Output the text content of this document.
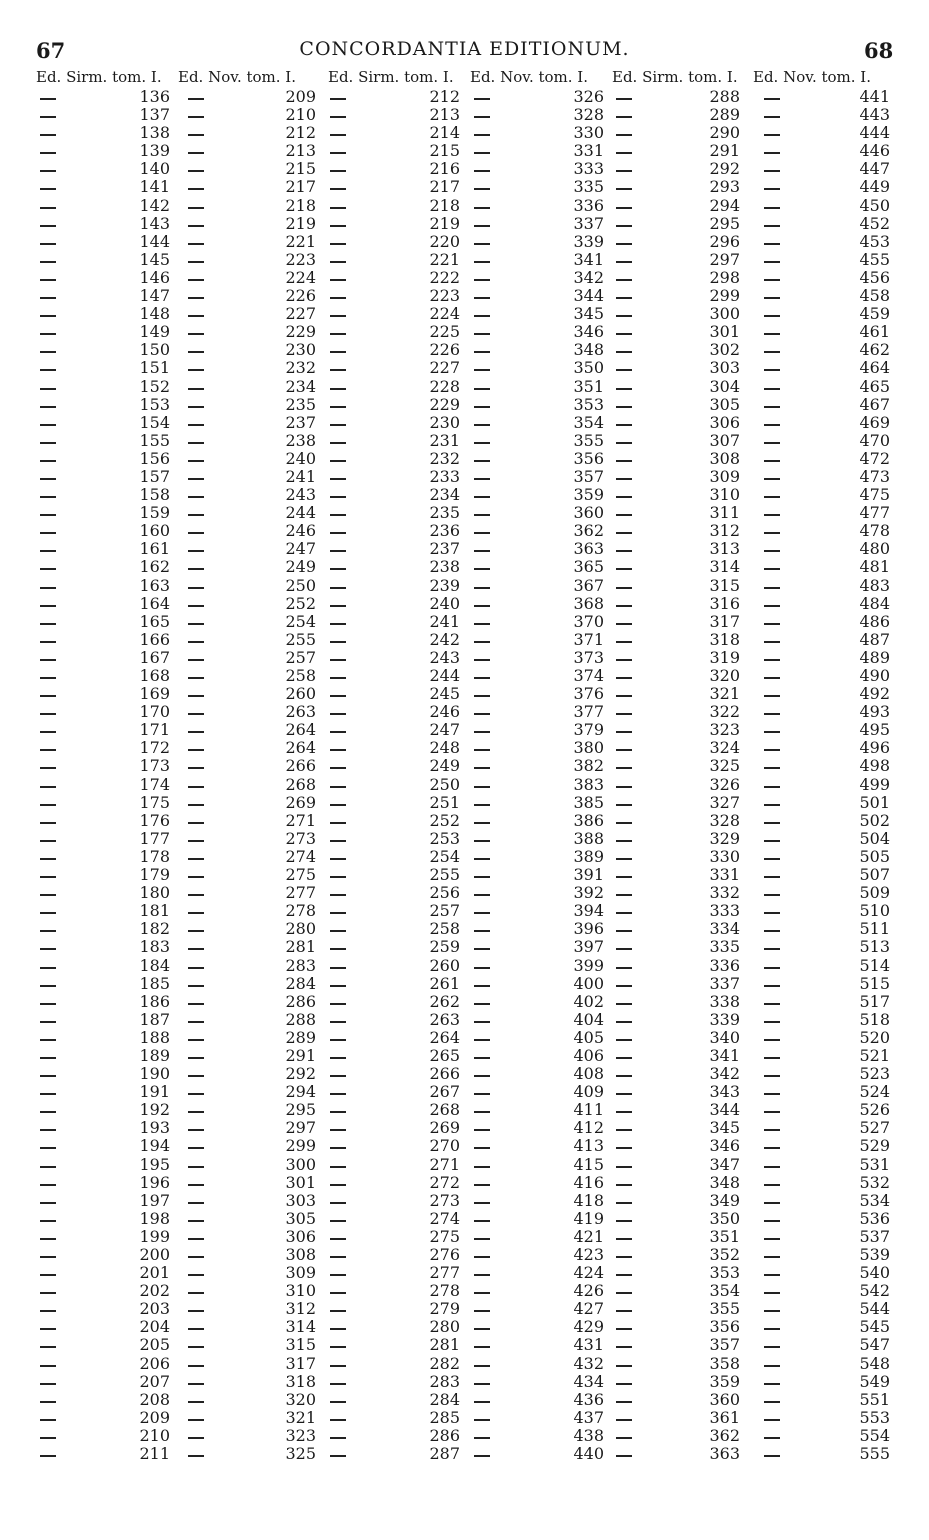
67	CONCORDANTIA EDITIONUM.	68
Ed. Sirm. tom. I. Ed. Nov. tom. I. Ed. Sirm. tom. I. Ed. Nov. tom. I. Ed. Sirm. tom. I. Ed. Nov. tom. I.
136	209	212	326	288	441
137	210	213	328	289	443
138	212	214	330	290	444
139	213	215	331	291	446
140	215	216	333	292	447
141	217	217	335	293	449
142	218	218	336	294	450
143	219	219	337	295	452
144	221	220	339	296	453
145	223	221	341	297	455
146	224	222	342	298	456
147	226	223	344	299	458
148	227	224	345	300	459
149	229	225	346	301	461
150	230	226	348	302	462
151	232	227	350	303	464
152	234	228	351	304	465
153	235	229	353	305	467
154	237	230	354	306	469
155	238	231	355	307	470
156	240	232	356	308	472
157	241	233	357	309	473
158	243	234	359	310	475
159	244	235	360	311	477
160	246	236	362	312	478
161	247	237	363	313	480
162	249	238	365	314	481
163	250	239	367	315	483
164	252	240	368	316	484
165	254	241	370	317	486
166	255	242	371	318	487
167	257	243	373	319	489
168	258	244	374	320	490
169	260	245	376	321	492
170	263	246	377	322	493
171	264	247	379	323	495
172	264	248	380	324	496
173	266	249	382	325	498
174	268	250	383	326	499
175	269	251	385	327	501
176	271	252	386	328	502
177	273	253	388	329	504
178	274	254	389	330	505
179	275	255	391	331	507
180	277	256	392	332	509
181	278	257	394	333	510
182	280	258	396	334	511
183	281	259	397	335	513
184	283	260	399	336	514
185	284	261	400	337	515
186	286	262	402	338	517
187	288	263	404	339	518
188	289	264	405	340	520
189	291	265	406	341	521
190	292	266	408	342	523
191	294	267	409	343	524
192	295	268	411	344	526
193	297	269	412	345	527
194	299	270	413	346	529
195	300	271	415	347	531
196	301	272	416	348	532
197	303	273	418	349	534
198	305	274	419	350	536
199	306	275	421	351	537
200	308	276	423	352	539
201	309	277	424	353	540
202	310	278	426	354	542
203	312	279	427	355	544
204	314	280	429	356	545
205	315	281	431	357	547
206	317	282	432	358	548
207	318	283	434	359	549
208	320	284	436	360	551
209	321	285	437	361	553
210	323	286	438	362	554
211	325	287	440	363	555
